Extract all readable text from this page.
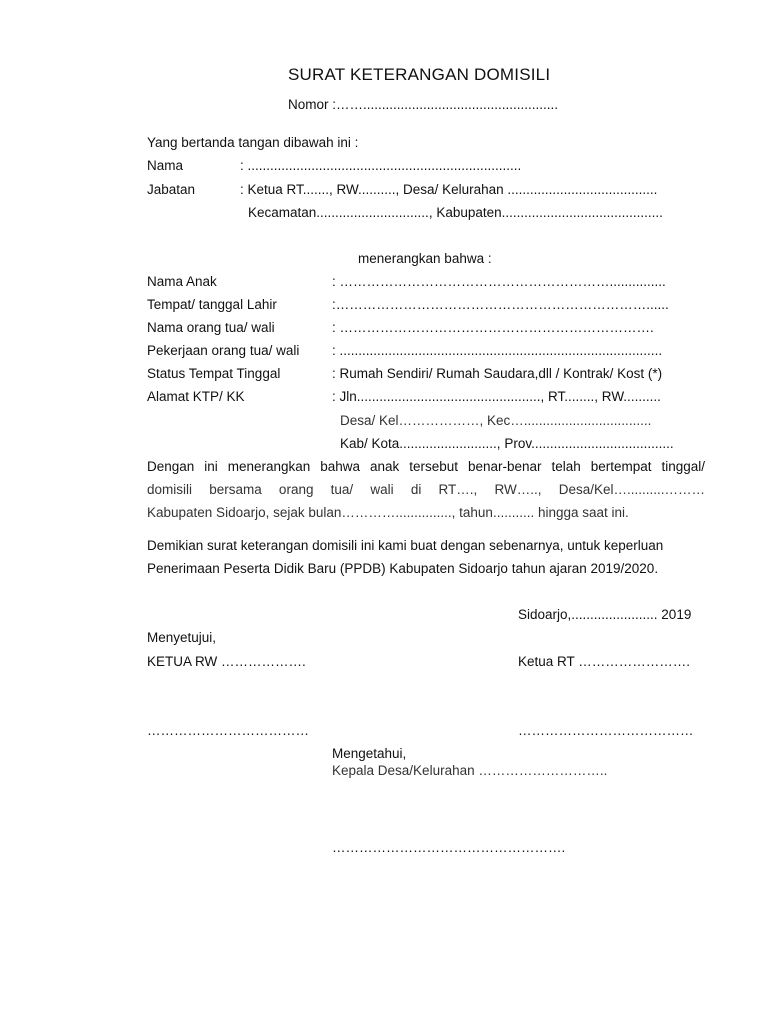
SURAT KETERANGAN DOMISILI
Nomor :……....................................................
Yang bertanda tangan dibawah ini :
Nama	: .........................................................................
Jabatan	: Ketua RT......., RW.........., Desa/ Kelurahan ........................................
Kecamatan.............................., Kabupaten...........................................
menerangkan bahwa :
Nama Anak	: ……………………………………………………...............
Tempat/ tanggal Lahir	:……………………………………………………………......
Nama orang tua/ wali	: …………………………………………………………….
Pekerjaan orang tua/ wali : ......................................................................................
Status Tempat Tinggal	: Rumah Sendiri/ Rumah Saudara,dll / Kontrak/ Kost (*)
Alamat KTP/ KK	: Jln................................................., RT........, RW..........
Desa/ Kel………………, Kec…..................................
Kab/ Kota.........................., Prov......................................
Dengan ini menerangkan bahwa anak tersebut benar-benar telah bertempat tinggal/
domisili bersama orang tua/ wali di RT…., RW….., Desa/Kel…..........………
Kabupaten Sidoarjo, sejak bulan…………..............., tahun........... hingga saat ini.
Demikian surat keterangan domisili ini kami buat dengan sebenarnya, untuk keperluan
Penerimaan Peserta Didik Baru (PPDB) Kabupaten Sidoarjo tahun ajaran 2019/2020.
Sidoarjo,....................... 2019
Menyetujui,
KETUA RW ……………….	Ketua RT …………………….
………………………………	…………………………………
Mengetahui,
Kepala Desa/Kelurahan ………………………..
…………………………………………….
